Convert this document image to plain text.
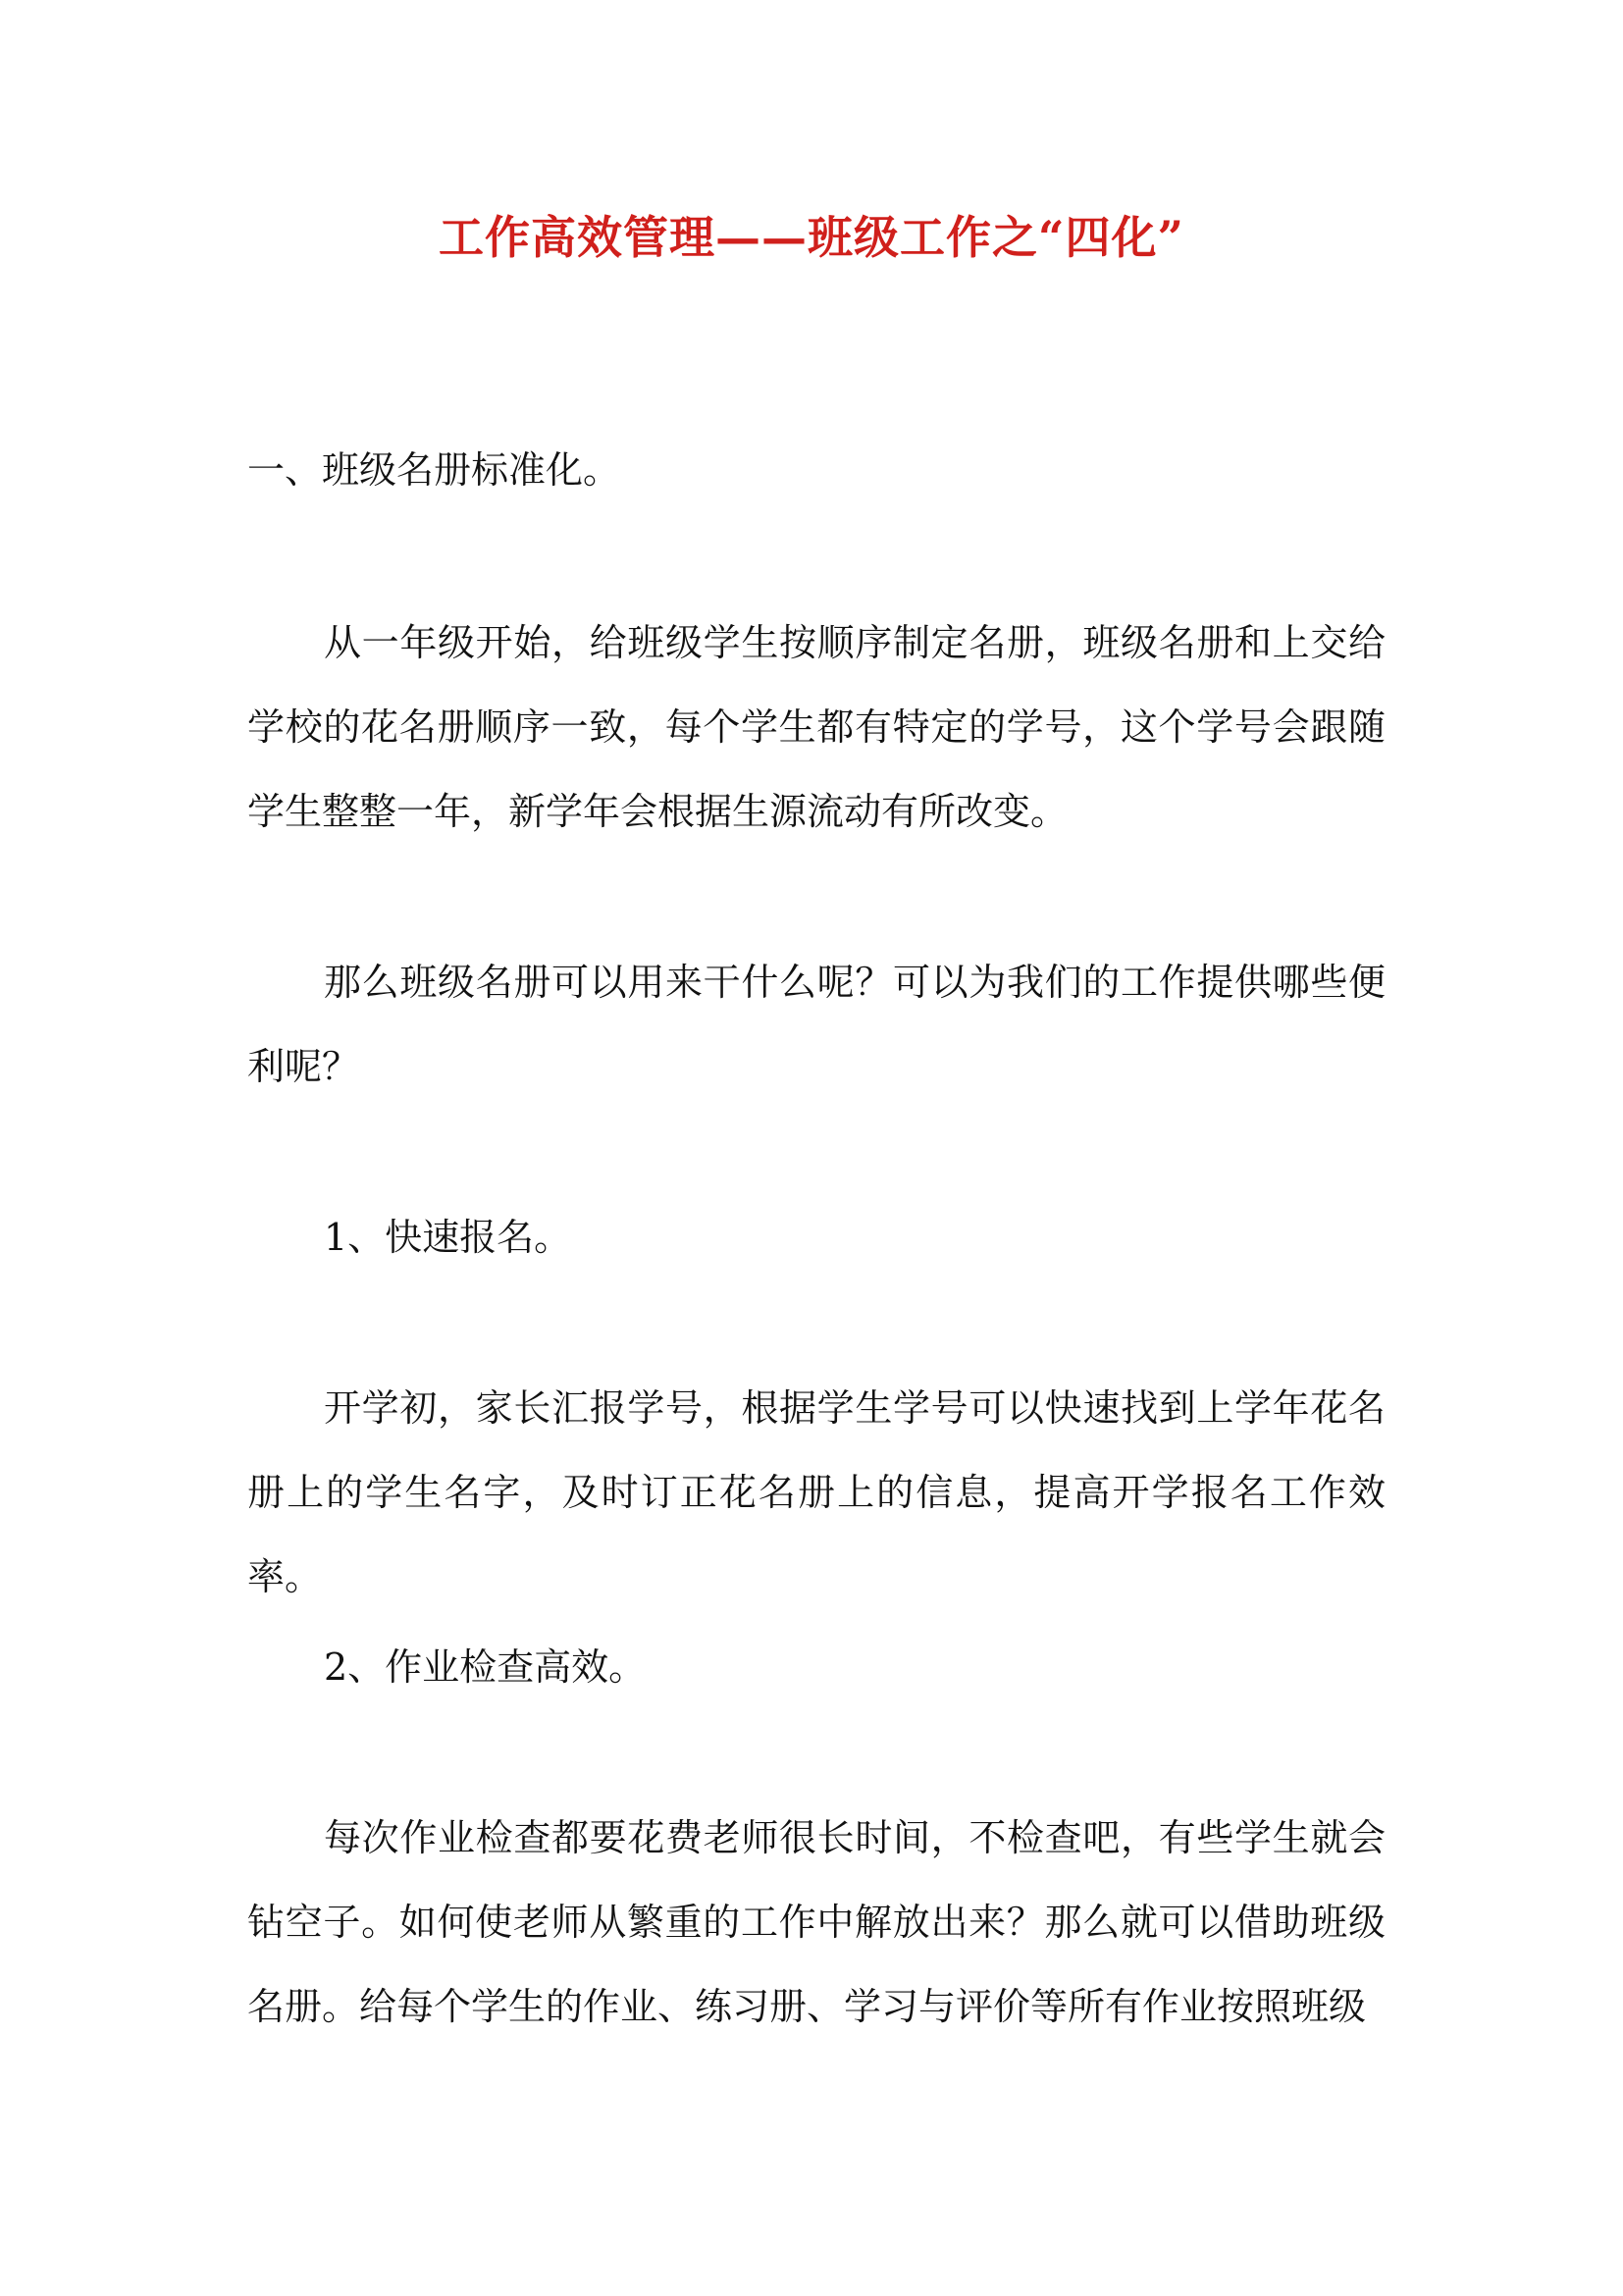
工作高效管理——班级工作之“四化”
一、班级名册标准化。
从一年级开始，给班级学生按顺序制定名册，班级名册和上交给学校的花名册顺序一致，每个学生都有特定的学号，这个学号会跟随学生整整一年，新学年会根据生源流动有所改变。
那么班级名册可以用来干什么呢？可以为我们的工作提供哪些便利呢？
1、快速报名。
开学初，家长汇报学号，根据学生学号可以快速找到上学年花名册上的学生名字，及时订正花名册上的信息，提高开学报名工作效率。
2、作业检查高效。
每次作业检查都要花费老师很长时间，不检查吧，有些学生就会钻空子。如何使老师从繁重的工作中解放出来？那么就可以借助班级名册。给每个学生的作业、练习册、学习与评价等所有作业按照班级
